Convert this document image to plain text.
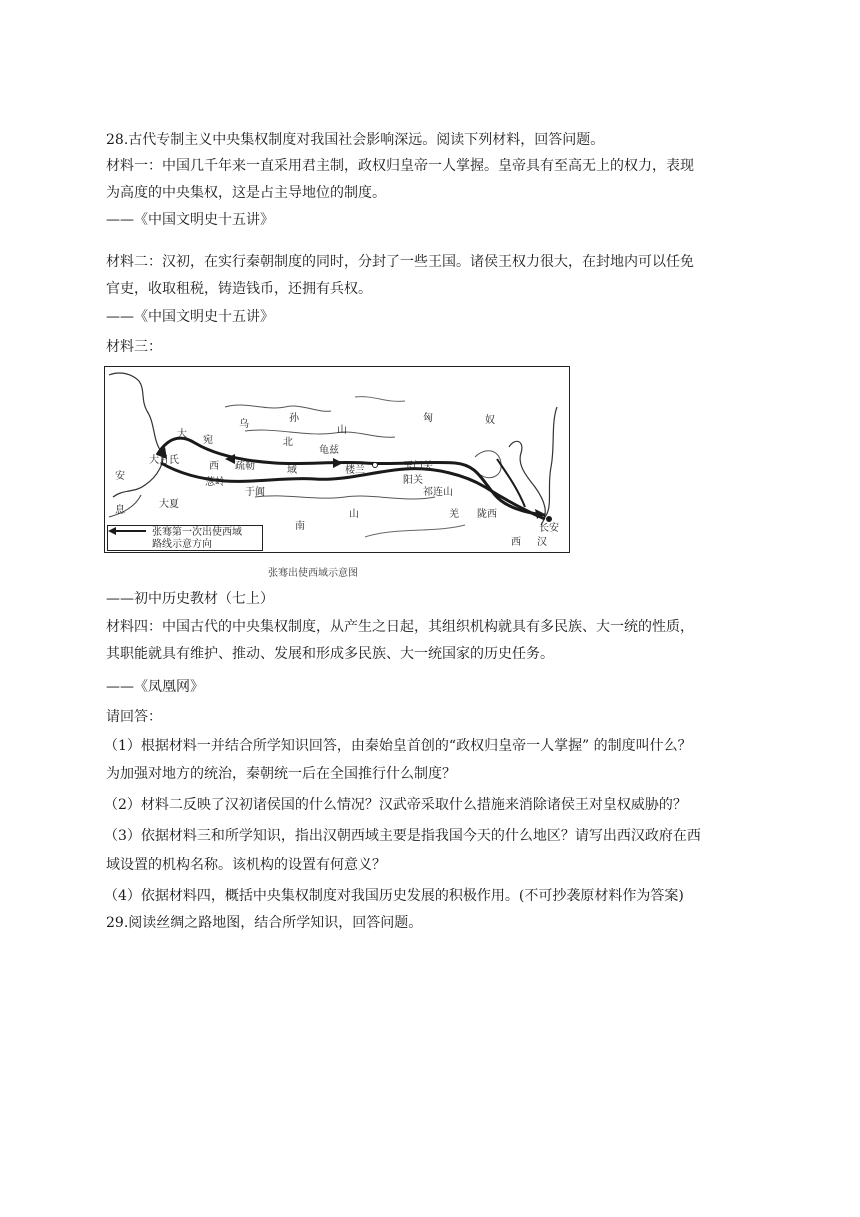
28.古代专制主义中央集权制度对我国社会影响深远。阅读下列材料，回答问题。
材料一：中国几千年来一直采用君主制，政权归皇帝一人掌握。皇帝具有至高无上的权力，表现
为高度的中央集权，这是占主导地位的制度。
——《中国文明史十五讲》
材料二：汉初，在实行秦朝制度的同时，分封了一些王国。诸侯王权力很大，在封地内可以任免
官吏，收取租税，铸造钱币，还拥有兵权。
——《中国文明史十五讲》
材料三：
大
宛
乌
孙
山
北
龟兹
匈	奴
安
息
大月氏
西 疏勒	域	楼兰	玉门关
阳关
祁连山
葱岭
于阗
大夏
南
山	羌 陇西
长安
西 汉
张骞第一次出使西域
路线示意方向
张骞出使西域示意图
——初中历史教材（七上）
材料四：中国古代的中央集权制度，从产生之日起，其组织机构就具有多民族、大一统的性质，
其职能就具有维护、推动、发展和形成多民族、大一统国家的历史任务。
——《凤凰网》
请回答：
（1）根据材料一并结合所学知识回答，由秦始皇首创的“政权归皇帝一人掌握” 的制度叫什么？
为加强对地方的统治，秦朝统一后在全国推行什么制度？
（2）材料二反映了汉初诸侯国的什么情况？汉武帝采取什么措施来消除诸侯王对皇权威胁的？
（3）依据材料三和所学知识，指出汉朝西域主要是指我国今天的什么地区？请写出西汉政府在西
域设置的机构名称。该机构的设置有何意义？
（4）依据材料四，概括中央集权制度对我国历史发展的积极作用。(不可抄袭原材料作为答案)
29.阅读丝绸之路地图，结合所学知识，回答问题。
